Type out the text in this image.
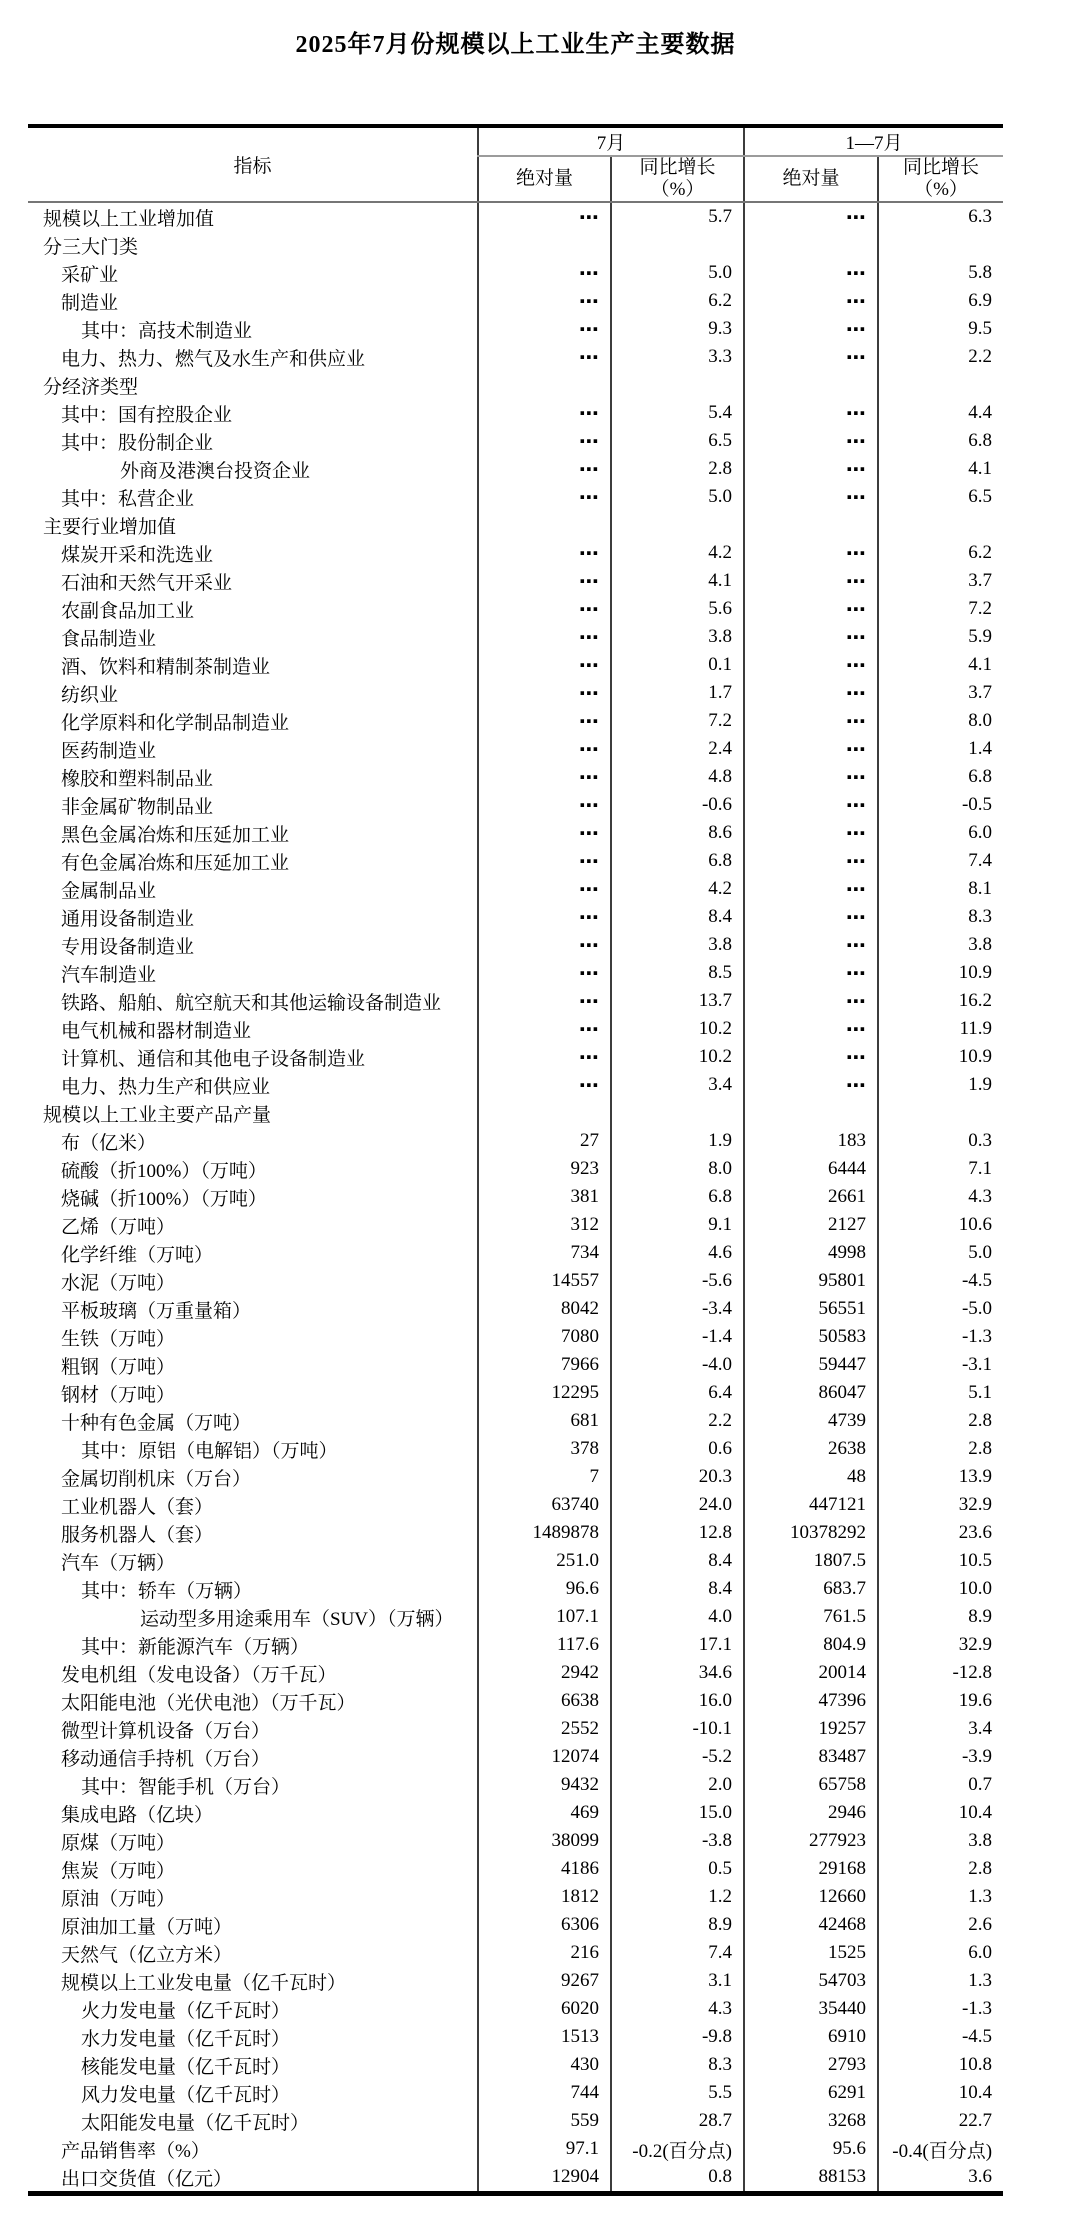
2025年7月份规模以上工业生产主要数据
指标	7月		1—7月	
绝对量	
同比增长
（%）
	绝对量	
同比增长
（%）

规模以上工业增加值	⋯	5.7	⋯	6.3
分三大门类				
采矿业	⋯	5.0	⋯	5.8
制造业	⋯	6.2	⋯	6.9
其中：高技术制造业	⋯	9.3	⋯	9.5
电力、热力、燃气及水生产和供应业	⋯	3.3	⋯	2.2
分经济类型				
其中：国有控股企业	⋯	5.4	⋯	4.4
其中：股份制企业	⋯	6.5	⋯	6.8
外商及港澳台投资企业	⋯	2.8	⋯	4.1
其中：私营企业	⋯	5.0	⋯	6.5
主要行业增加值				
煤炭开采和洗选业	⋯	4.2	⋯	6.2
石油和天然气开采业	⋯	4.1	⋯	3.7
农副食品加工业	⋯	5.6	⋯	7.2
食品制造业	⋯	3.8	⋯	5.9
酒、饮料和精制茶制造业	⋯	0.1	⋯	4.1
纺织业	⋯	1.7	⋯	3.7
化学原料和化学制品制造业	⋯	7.2	⋯	8.0
医药制造业	⋯	2.4	⋯	1.4
橡胶和塑料制品业	⋯	4.8	⋯	6.8
非金属矿物制品业	⋯	-0.6	⋯	-0.5
黑色金属冶炼和压延加工业	⋯	8.6	⋯	6.0
有色金属冶炼和压延加工业	⋯	6.8	⋯	7.4
金属制品业	⋯	4.2	⋯	8.1
通用设备制造业	⋯	8.4	⋯	8.3
专用设备制造业	⋯	3.8	⋯	3.8
汽车制造业	⋯	8.5	⋯	10.9
铁路、船舶、航空航天和其他运输设备制造业	⋯	13.7	⋯	16.2
电气机械和器材制造业	⋯	10.2	⋯	11.9
计算机、通信和其他电子设备制造业	⋯	10.2	⋯	10.9
电力、热力生产和供应业	⋯	3.4	⋯	1.9
规模以上工业主要产品产量				
布（亿米）	27	1.9	183	0.3
硫酸（折100%）（万吨）	923	8.0	6444	7.1
烧碱（折100%）（万吨）	381	6.8	2661	4.3
乙烯（万吨）	312	9.1	2127	10.6
化学纤维（万吨）	734	4.6	4998	5.0
水泥（万吨）	14557	-5.6	95801	-4.5
平板玻璃（万重量箱）	8042	-3.4	56551	-5.0
生铁（万吨）	7080	-1.4	50583	-1.3
粗钢（万吨）	7966	-4.0	59447	-3.1
钢材（万吨）	12295	6.4	86047	5.1
十种有色金属（万吨）	681	2.2	4739	2.8
其中：原铝（电解铝）（万吨）	378	0.6	2638	2.8
金属切削机床（万台）	7	20.3	48	13.9
工业机器人（套）	63740	24.0	447121	32.9
服务机器人（套）	1489878	12.8	10378292	23.6
汽车（万辆）	251.0	8.4	1807.5	10.5
其中：轿车（万辆）	96.6	8.4	683.7	10.0
运动型多用途乘用车（SUV）（万辆）	107.1	4.0	761.5	8.9
其中：新能源汽车（万辆）	117.6	17.1	804.9	32.9
发电机组（发电设备）（万千瓦）	2942	34.6	20014	-12.8
太阳能电池（光伏电池）（万千瓦）	6638	16.0	47396	19.6
微型计算机设备（万台）	2552	-10.1	19257	3.4
移动通信手持机（万台）	12074	-5.2	83487	-3.9
其中：智能手机（万台）	9432	2.0	65758	0.7
集成电路（亿块）	469	15.0	2946	10.4
原煤（万吨）	38099	-3.8	277923	3.8
焦炭（万吨）	4186	0.5	29168	2.8
原油（万吨）	1812	1.2	12660	1.3
原油加工量（万吨）	6306	8.9	42468	2.6
天然气（亿立方米）	216	7.4	1525	6.0
规模以上工业发电量（亿千瓦时）	9267	3.1	54703	1.3
火力发电量（亿千瓦时）	6020	4.3	35440	-1.3
水力发电量（亿千瓦时）	1513	-9.8	6910	-4.5
核能发电量（亿千瓦时）	430	8.3	2793	10.8
风力发电量（亿千瓦时）	744	5.5	6291	10.4
太阳能发电量（亿千瓦时）	559	28.7	3268	22.7
产品销售率（%）	97.1	-0.2(百分点)	95.6	-0.4(百分点)
出口交货值（亿元）	12904	0.8	88153	3.6
